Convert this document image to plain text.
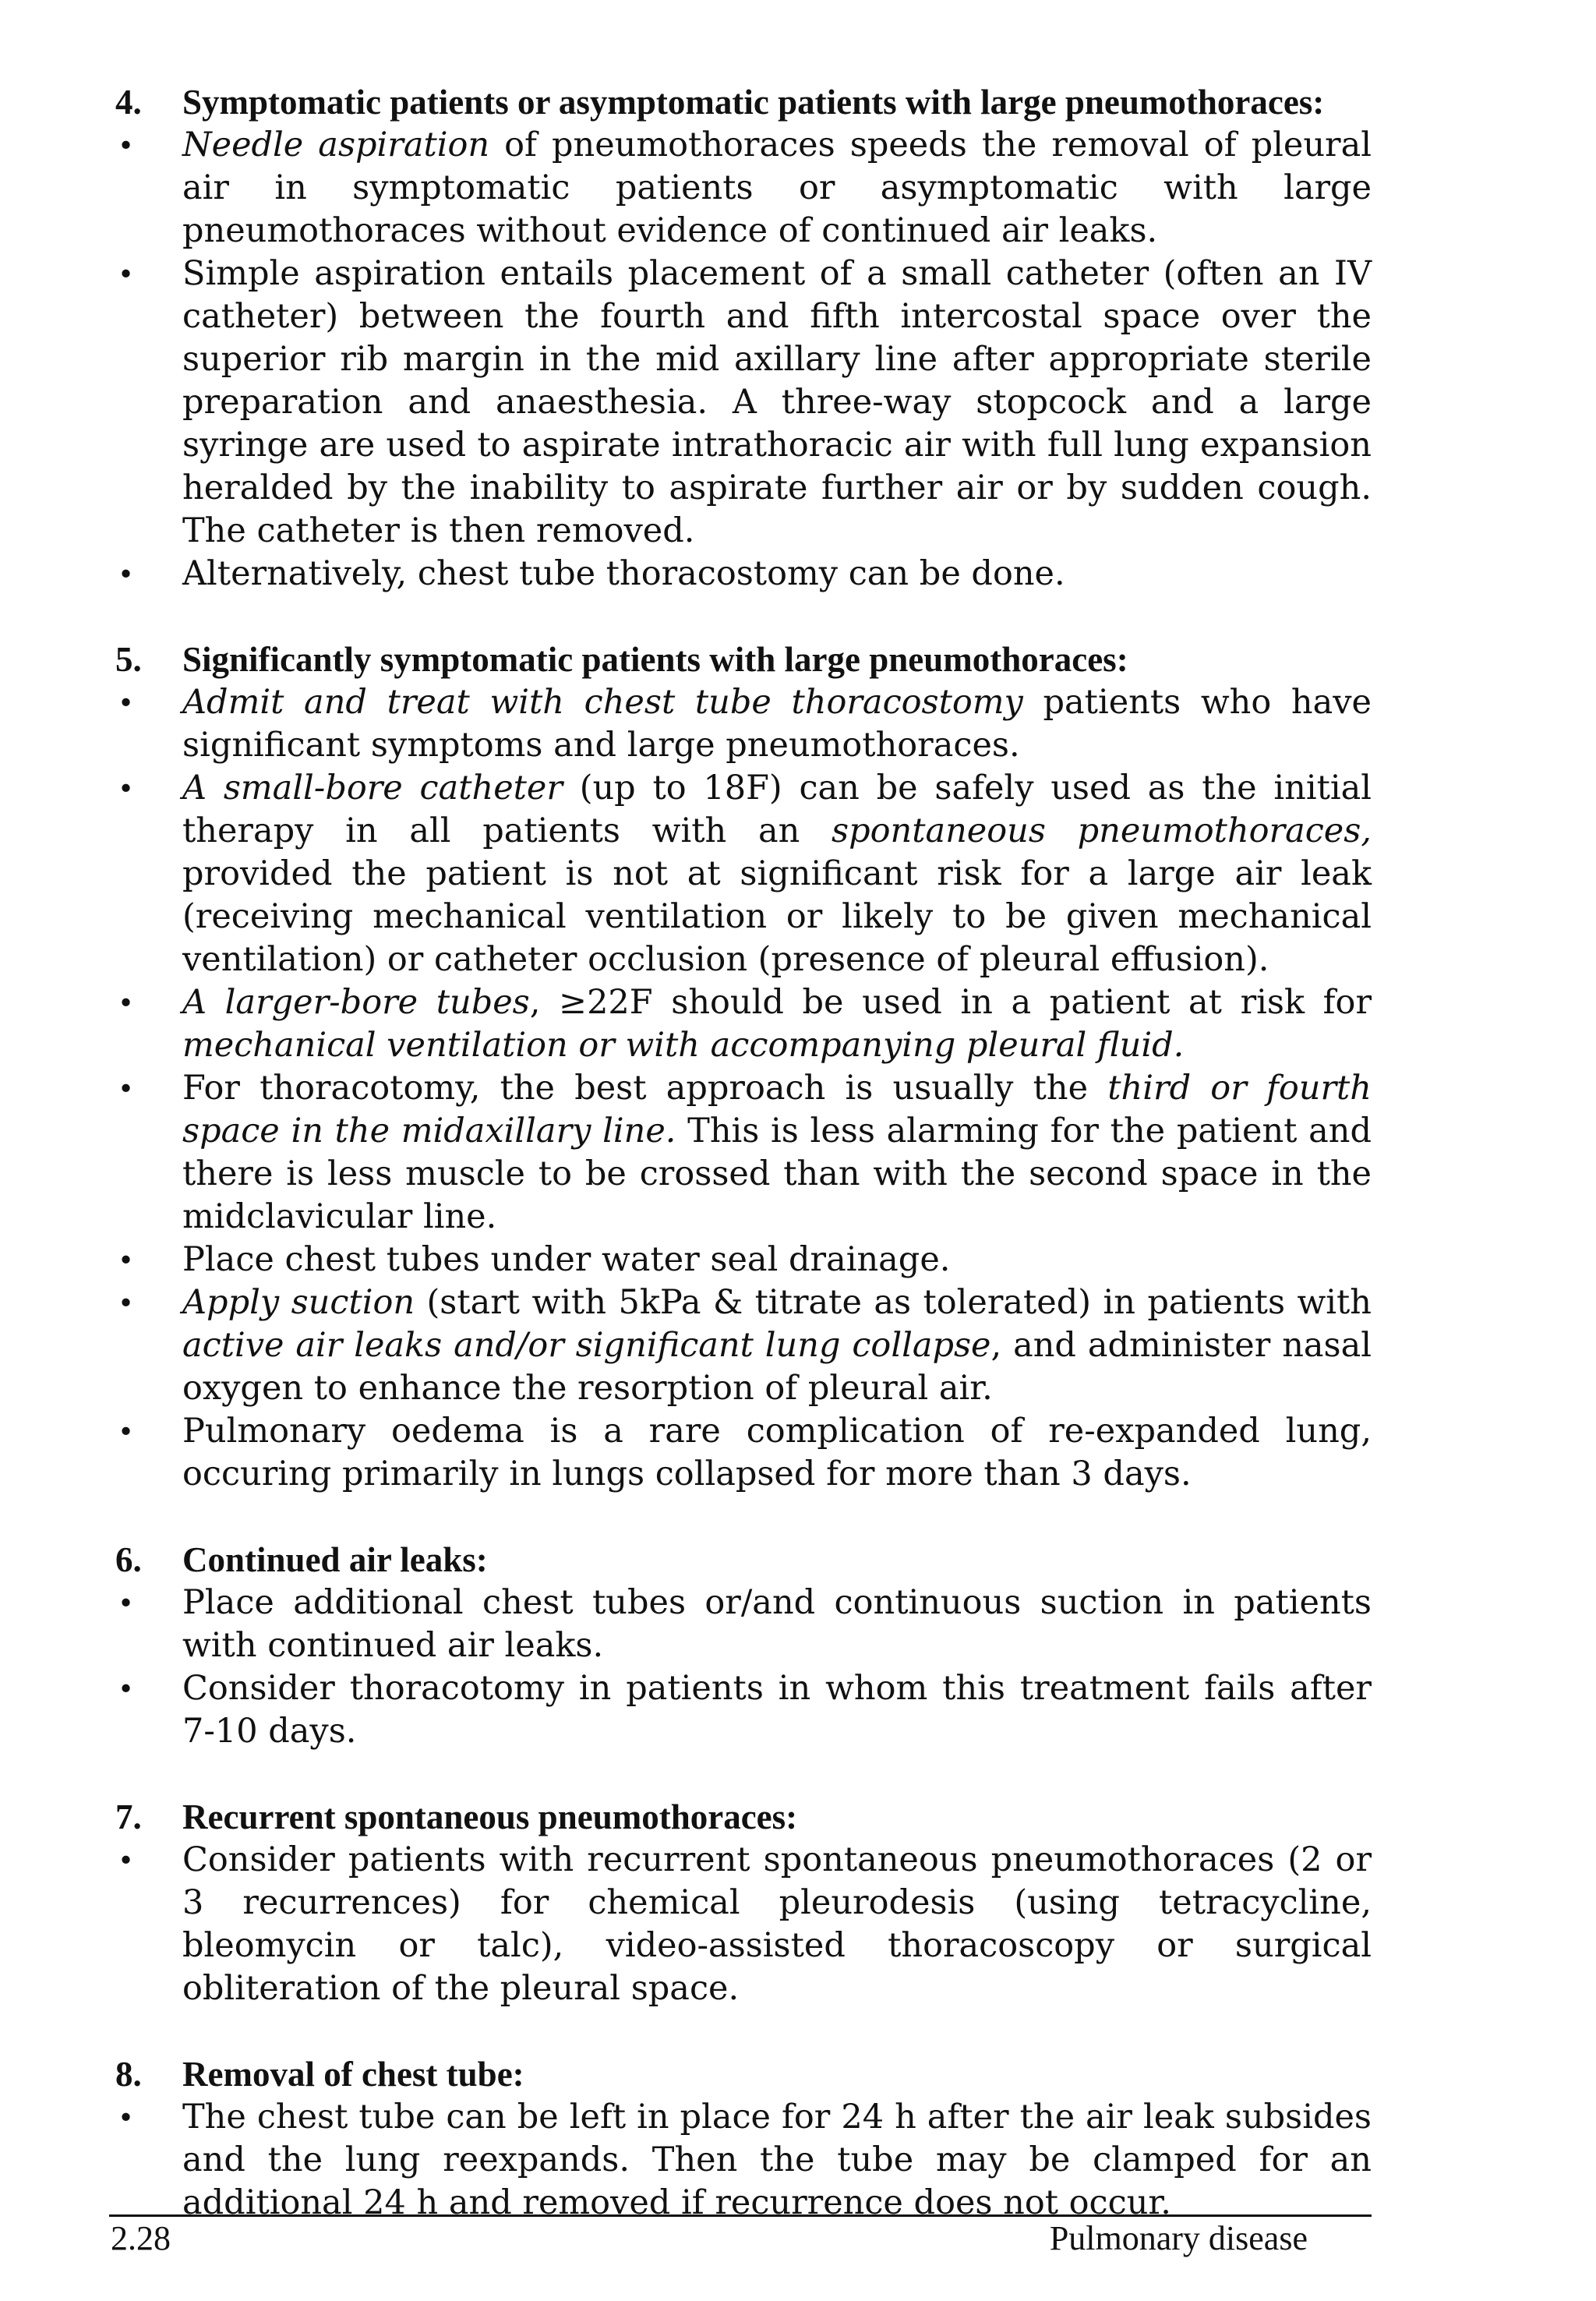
4. Symptomatic patients or asymptomatic patients with large pneumothoraces:
• Needle aspiration of pneumothoraces speeds the removal of pleural air in symptomatic patients or asymptomatic with large pneumothoraces without evidence of continued air leaks.
• Simple aspiration entails placement of a small catheter (often an IV catheter) between the fourth and fifth intercostal space over the superior rib margin in the mid axillary line after appropriate sterile preparation and anaesthesia. A three-way stopcock and a large syringe are used to aspirate intrathoracic air with full lung expansion heralded by the inability to aspirate further air or by sudden cough. The catheter is then removed.
• Alternatively, chest tube thoracostomy can be done.
5. Significantly symptomatic patients with large pneumothoraces:
• Admit and treat with chest tube thoracostomy patients who have significant symptoms and large pneumothoraces.
• A small-bore catheter (up to 18F) can be safely used as the initial therapy in all patients with an spontaneous pneumothoraces, provided the patient is not at significant risk for a large air leak (receiving mechanical ventilation or likely to be given mechanical ventilation) or catheter occlusion (presence of pleural effusion).
• A larger-bore tubes, ≥22F should be used in a patient at risk for mechanical ventilation or with accompanying pleural fluid.
• For thoracotomy, the best approach is usually the third or fourth space in the midaxillary line. This is less alarming for the patient and there is less muscle to be crossed than with the second space in the midclavicular line.
• Place chest tubes under water seal drainage.
• Apply suction (start with 5kPa & titrate as tolerated) in patients with active air leaks and/or significant lung collapse, and administer nasal oxygen to enhance the resorption of pleural air.
• Pulmonary oedema is a rare complication of re-expanded lung, occuring primarily in lungs collapsed for more than 3 days.
6. Continued air leaks:
• Place additional chest tubes or/and continuous suction in patients with continued air leaks.
• Consider thoracotomy in patients in whom this treatment fails after 7-10 days.
7. Recurrent spontaneous pneumothoraces:
• Consider patients with recurrent spontaneous pneumothoraces (2 or 3 recurrences) for chemical pleurodesis (using tetracycline, bleomycin or talc), video-assisted thoracoscopy or surgical obliteration of the pleural space.
8. Removal of chest tube:
• The chest tube can be left in place for 24 h after the air leak subsides and the lung reexpands. Then the tube may be clamped for an additional 24 h and removed if recurrence does not occur.
2.28	Pulmonary disease
